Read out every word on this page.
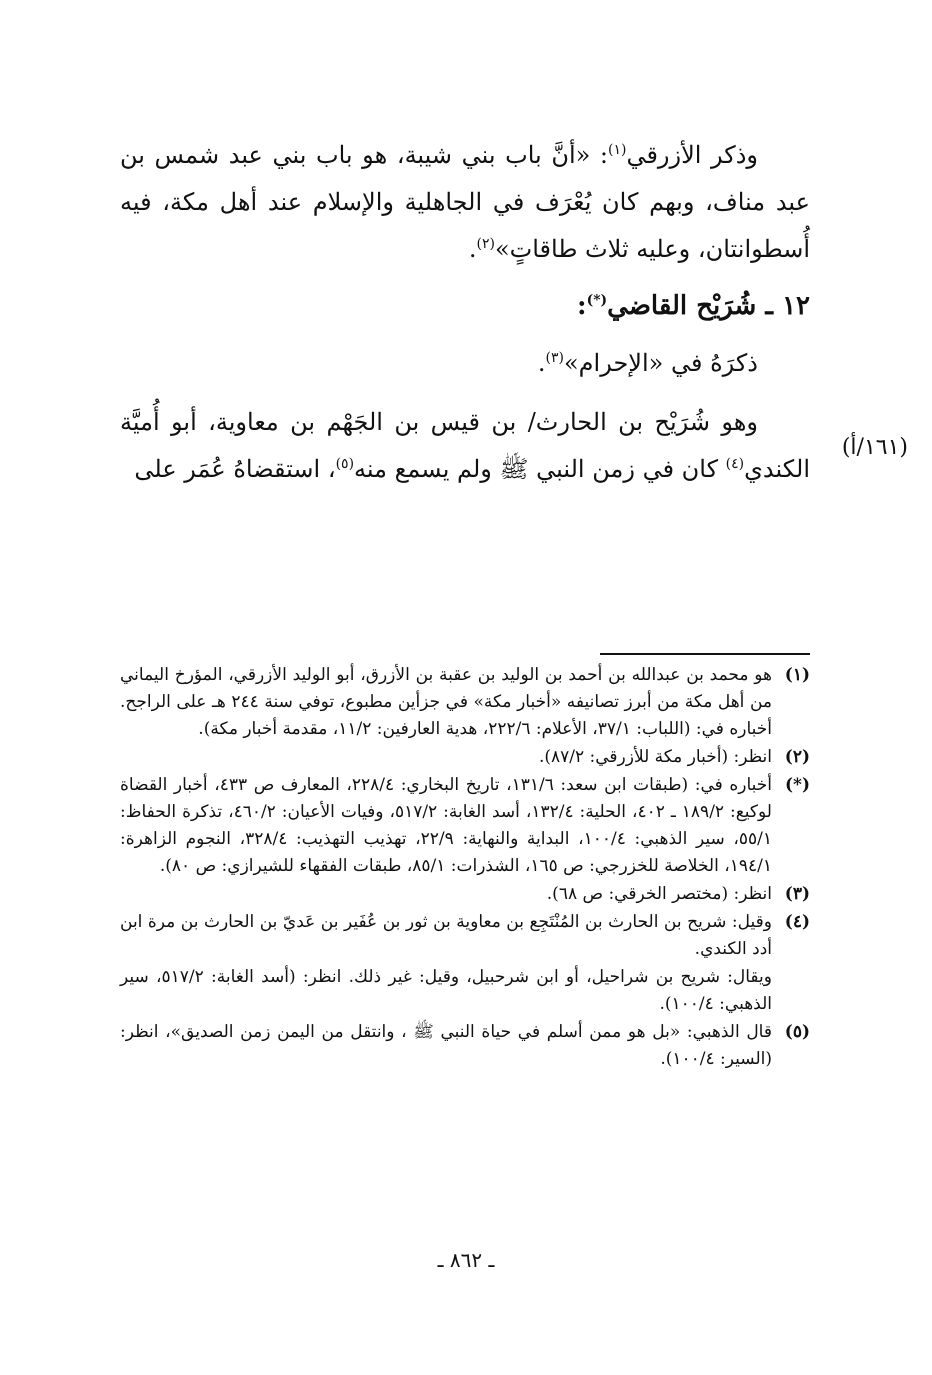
وذكر الأزرقي$^{(١)}$: «أنَّ باب بني شيبة، هو باب بني عبد شمس بن عبد مناف، وبهم كان يُعْرَف في الجاهلية والإسلام عند أهل مكة، فيه أُسطوانتان، وعليه ثلاث طاقاتٍ»$^{(٢)}$.

١٢ ـ شُرَيْح القاضي(*):

ذكرَهُ في «الإحرام»$^{(٣)}$.

وهو شُرَيْح بن الحارث/ بن قيس بن الجَهْم بن معاوية، أبو أُميَّة الكندي$^{(٤)}$ كان في زمن النبي ﷺ ولم يسمع منه$^{(٥)}$، استقضاهُ عُمَر على

(١٦١/أ)
(١)
هو محمد بن عبدالله بن أحمد بن الوليد بن عقبة بن الأزرق، أبو الوليد الأزرقي، المؤرخ اليماني من أهل مكة من أبرز تصانيفه «أخبار مكة» في جزأين مطبوع، توفي سنة ٢٤٤ هـ على الراجح. أخباره في: (اللباب: ٣٧/١، الأعلام: ٢٢٢/٦، هدية العارفين: ١١/٢، مقدمة أخبار مكة).
(٢)
انظر: (أخبار مكة للأزرقي: ٨٧/٢).
(*)
أخباره في: (طبقات ابن سعد: ١٣١/٦، تاريخ البخاري: ٢٢٨/٤، المعارف ص ٤٣٣، أخبار القضاة لوكيع: ١٨٩/٢ ـ ٤٠٢، الحلية: ١٣٢/٤، أسد الغابة: ٥١٧/٢، وفيات الأعيان: ٤٦٠/٢، تذكرة الحفاظ: ٥٥/١، سير الذهبي: ١٠٠/٤، البداية والنهاية: ٢٢/٩، تهذيب التهذيب: ٣٢٨/٤، النجوم الزاهرة: ١٩٤/١، الخلاصة للخزرجي: ص ١٦٥، الشذرات: ٨٥/١، طبقات الفقهاء للشيرازي: ص ٨٠).
(٣)
انظر: (مختصر الخرقي: ص ٦٨).
(٤)
وقيل: شريح بن الحارث بن المُنْتَجِع بن معاوية بن ثور بن عُفَير بن عَديّ بن الحارث بن مرة ابن أدد الكندي.
ويقال: شريح بن شراحيل، أو ابن شرحبيل، وقيل: غير ذلك. انظر: (أسد الغابة: ٥١٧/٢، سير الذهبي: ١٠٠/٤).
(٥)
قال الذهبي: «بل هو ممن أسلم في حياة النبي ﷺ ، وانتقل من اليمن زمن الصديق»، انظر: (السير: ١٠٠/٤).
ـ ٨٦٢ ـ
